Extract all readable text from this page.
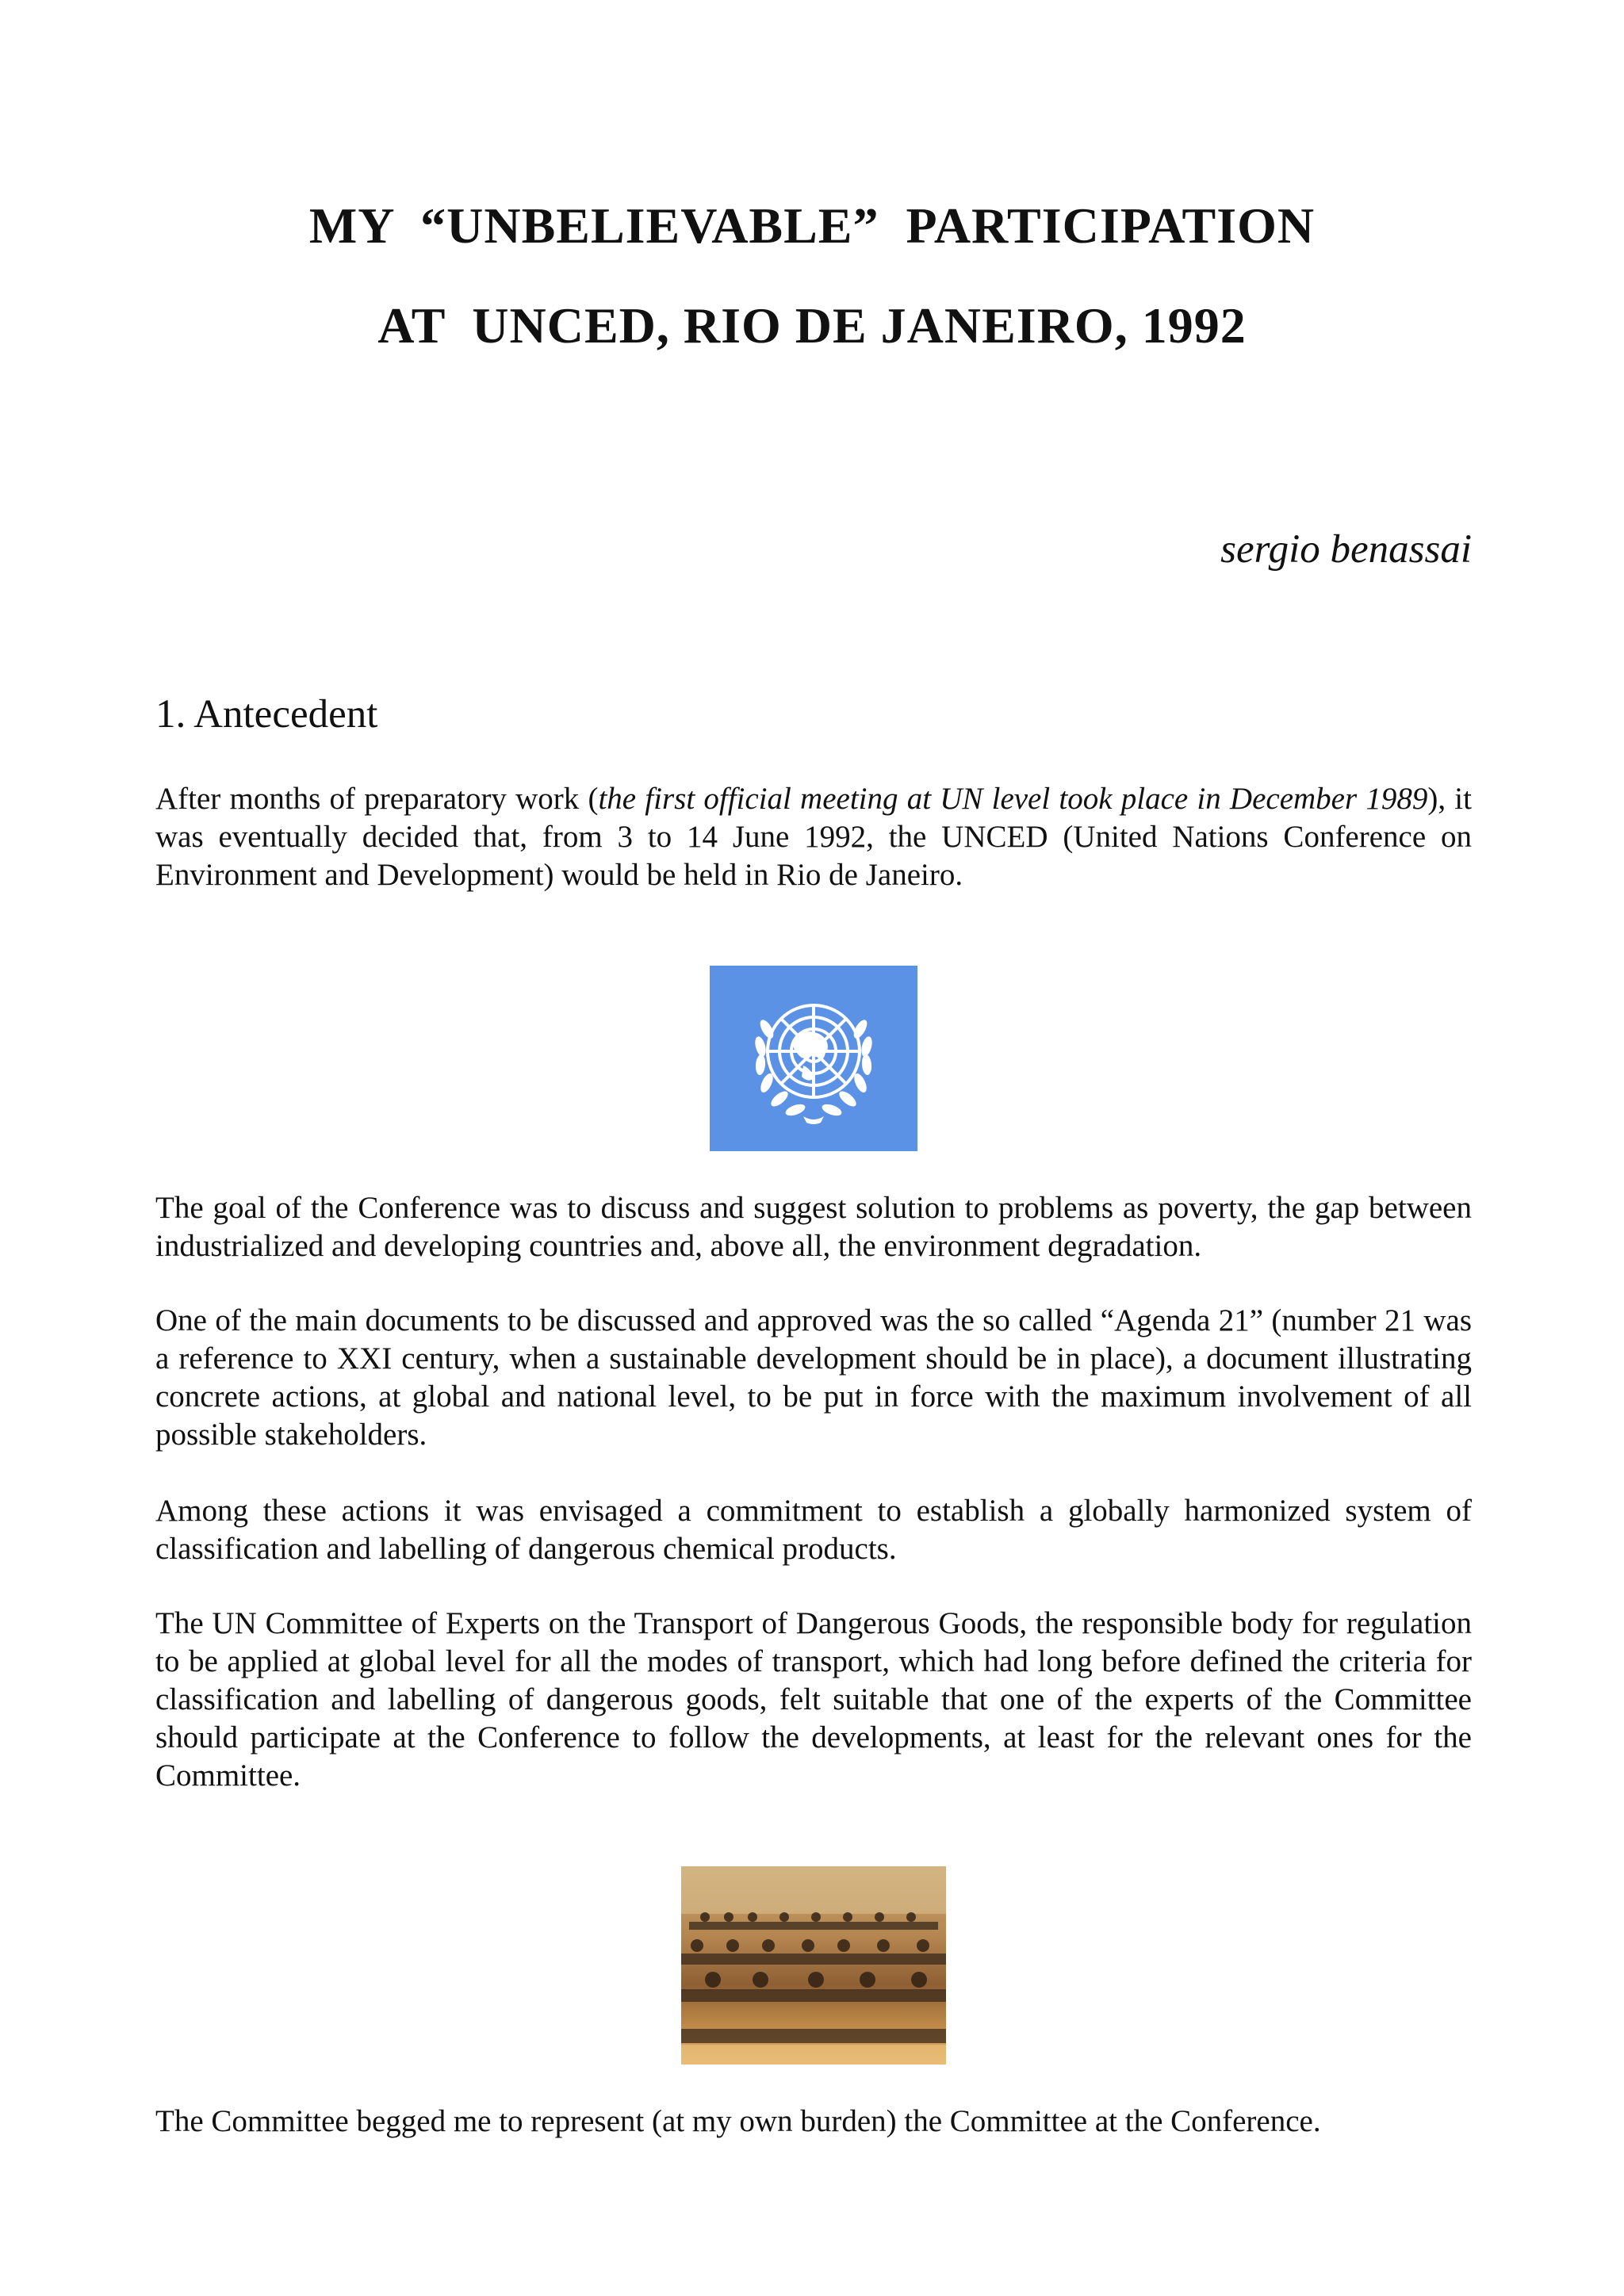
MY  “UNBELIEVABLE”  PARTICIPATION
AT  UNCED, RIO DE JANEIRO, 1992
sergio benassai
1. Antecedent
After months of preparatory work (the first official meeting at UN level took place in December 1989), it was eventually decided that, from 3 to 14 June 1992, the UNCED (United Nations Conference on Environment and Development) would be held in Rio de Janeiro.
The goal of the Conference was to discuss and suggest solution to problems as poverty, the gap between industrialized and developing countries and, above all, the environment degradation.
One of the main documents to be discussed and approved was the so called “Agenda 21” (number 21 was a reference to XXI century, when a sustainable development should be in place), a document illustrating concrete actions, at global and national level, to be put in force with the maximum involvement of all possible stakeholders.
Among these actions it was envisaged a commitment to establish a globally harmonized system of classification and labelling of dangerous chemical products.
The UN Committee of Experts on the Transport of Dangerous Goods, the responsible body for regulation to be applied at global level for all the modes of transport, which had long before defined the criteria for classification and labelling of dangerous goods, felt suitable that one of the experts of the Committee should participate at the Conference to follow the developments, at least for the relevant ones for the Committee.
The Committee begged me to represent (at my own burden) the Committee at the Conference.
